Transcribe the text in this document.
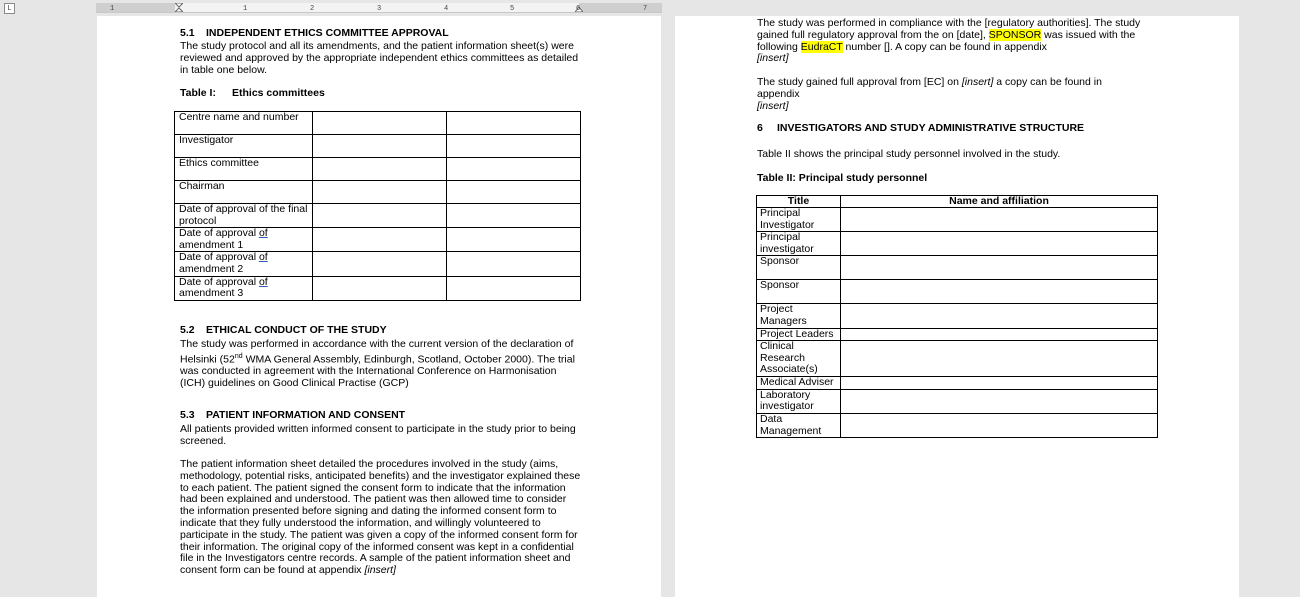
L	1	1	2	3	4	5	6	7
5.1 INDEPENDENT ETHICS COMMITTEE APPROVAL
The study protocol and all its amendments, and the patient information sheet(s) were reviewed and approved by the appropriate independent ethics committees as detailed in table one below.
Table I: Ethics committees
Centre name and number		
Investigator		
Ethics committee		
Chairman		
Date of approval of the final protocol		
Date of approval of amendment 1		
Date of approval of amendment 2		
Date of approval of amendment 3		
5.2 ETHICAL CONDUCT OF THE STUDY
The study was performed in accordance with the current version of the declaration of Helsinki (52nd WMA General Assembly, Edinburgh, Scotland, October 2000). The trial was conducted in agreement with the International Conference on Harmonisation (ICH) guidelines on Good Clinical Practise (GCP)
5.3 PATIENT INFORMATION AND CONSENT
All patients provided written informed consent to participate in the study prior to being screened.
The patient information sheet detailed the procedures involved in the study (aims, methodology, potential risks, anticipated benefits) and the investigator explained these to each patient. The patient signed the consent form to indicate that the information had been explained and understood. The patient was then allowed time to consider the information presented before signing and dating the informed consent form to indicate that they fully understood the information, and willingly volunteered to participate in the study. The patient was given a copy of the informed consent form for their information. The original copy of the informed consent was kept in a confidential file in the Investigators centre records. A sample of the patient information sheet and consent form can be found at appendix [insert]
The study was performed in compliance with the [regulatory authorities]. The study gained full regulatory approval from the on [date], SPONSOR was issued with the following EudraCT number []. A copy can be found in appendix
[insert]
The study gained full approval from [EC] on [insert] a copy can be found in appendix
[insert]
6 INVESTIGATORS AND STUDY ADMINISTRATIVE STRUCTURE
Table II shows the principal study personnel involved in the study.
Table II: Principal study personnel
Title	Name and affiliation
Principal Investigator	
Principal investigator	
Sponsor	
Sponsor	
Project Managers	
Project Leaders	
Clinical Research Associate(s)	
Medical Adviser	
Laboratory investigator	
Data Management	
